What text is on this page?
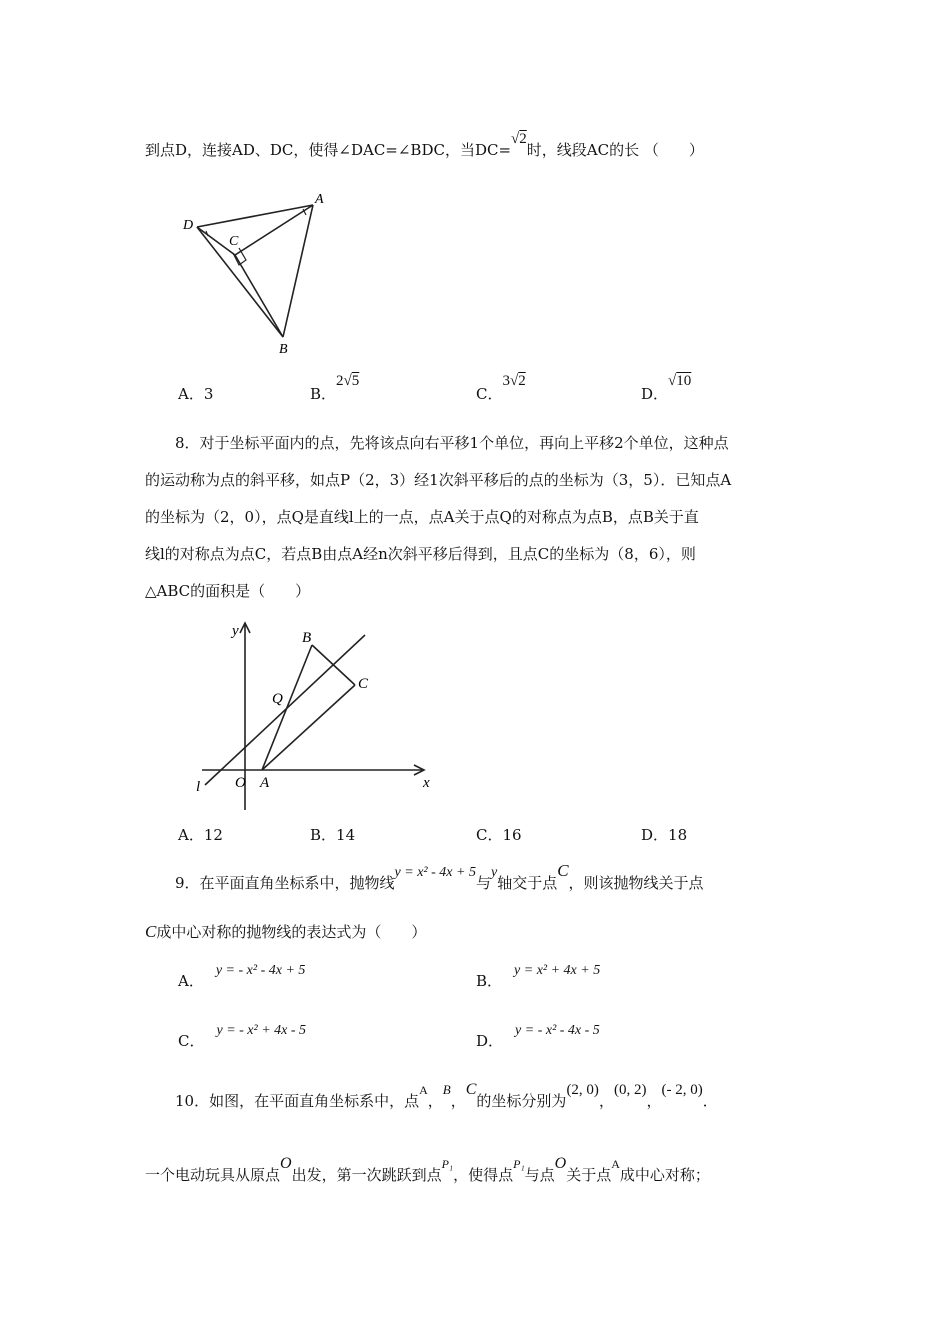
到点D，连接AD、DC，使得∠DAC=∠BDC，当DC=√2时，线段AC的长 （　　）
D
A
C
B
A．3	B．2√5
C．3√2
D．√10
8．对于坐标平面内的点，先将该点向右平移1个单位，再向上平移2个单位，这种点
的运动称为点的斜平移，如点P（2，3）经1次斜平移后的点的坐标为（3，5）．已知点A
的坐标为（2，0），点Q是直线l上的一点，点A关于点Q的对称点为点B，点B关于直
线l的对称点为点C，若点B由点A经n次斜平移后得到，且点C的坐标为（8，6），则
△ABC的面积是（　　）
y
x
B
C
Q
O A
l
A．12	B．14	C．16	D．18
9．在平面直角坐标系中，抛物线y = x² - 4x + 5与y轴交于点C，则该抛物线关于点
C成中心对称的抛物线的表达式为（　　）
A．y = - x² - 4x + 5
B．y = x² + 4x + 5
C．y = - x² + 4x - 5
D．y = - x² - 4x - 5
10．如图，在平面直角坐标系中，点$^A$，B，C的坐标分别为(2, 0)，(0, 2)，(- 2, 0)．
一个电动玩具从原点O出发，第一次跳跃到点$^{P_1}$，使得点$^{P_1}$与点O关于点$^A$成中心对称；
